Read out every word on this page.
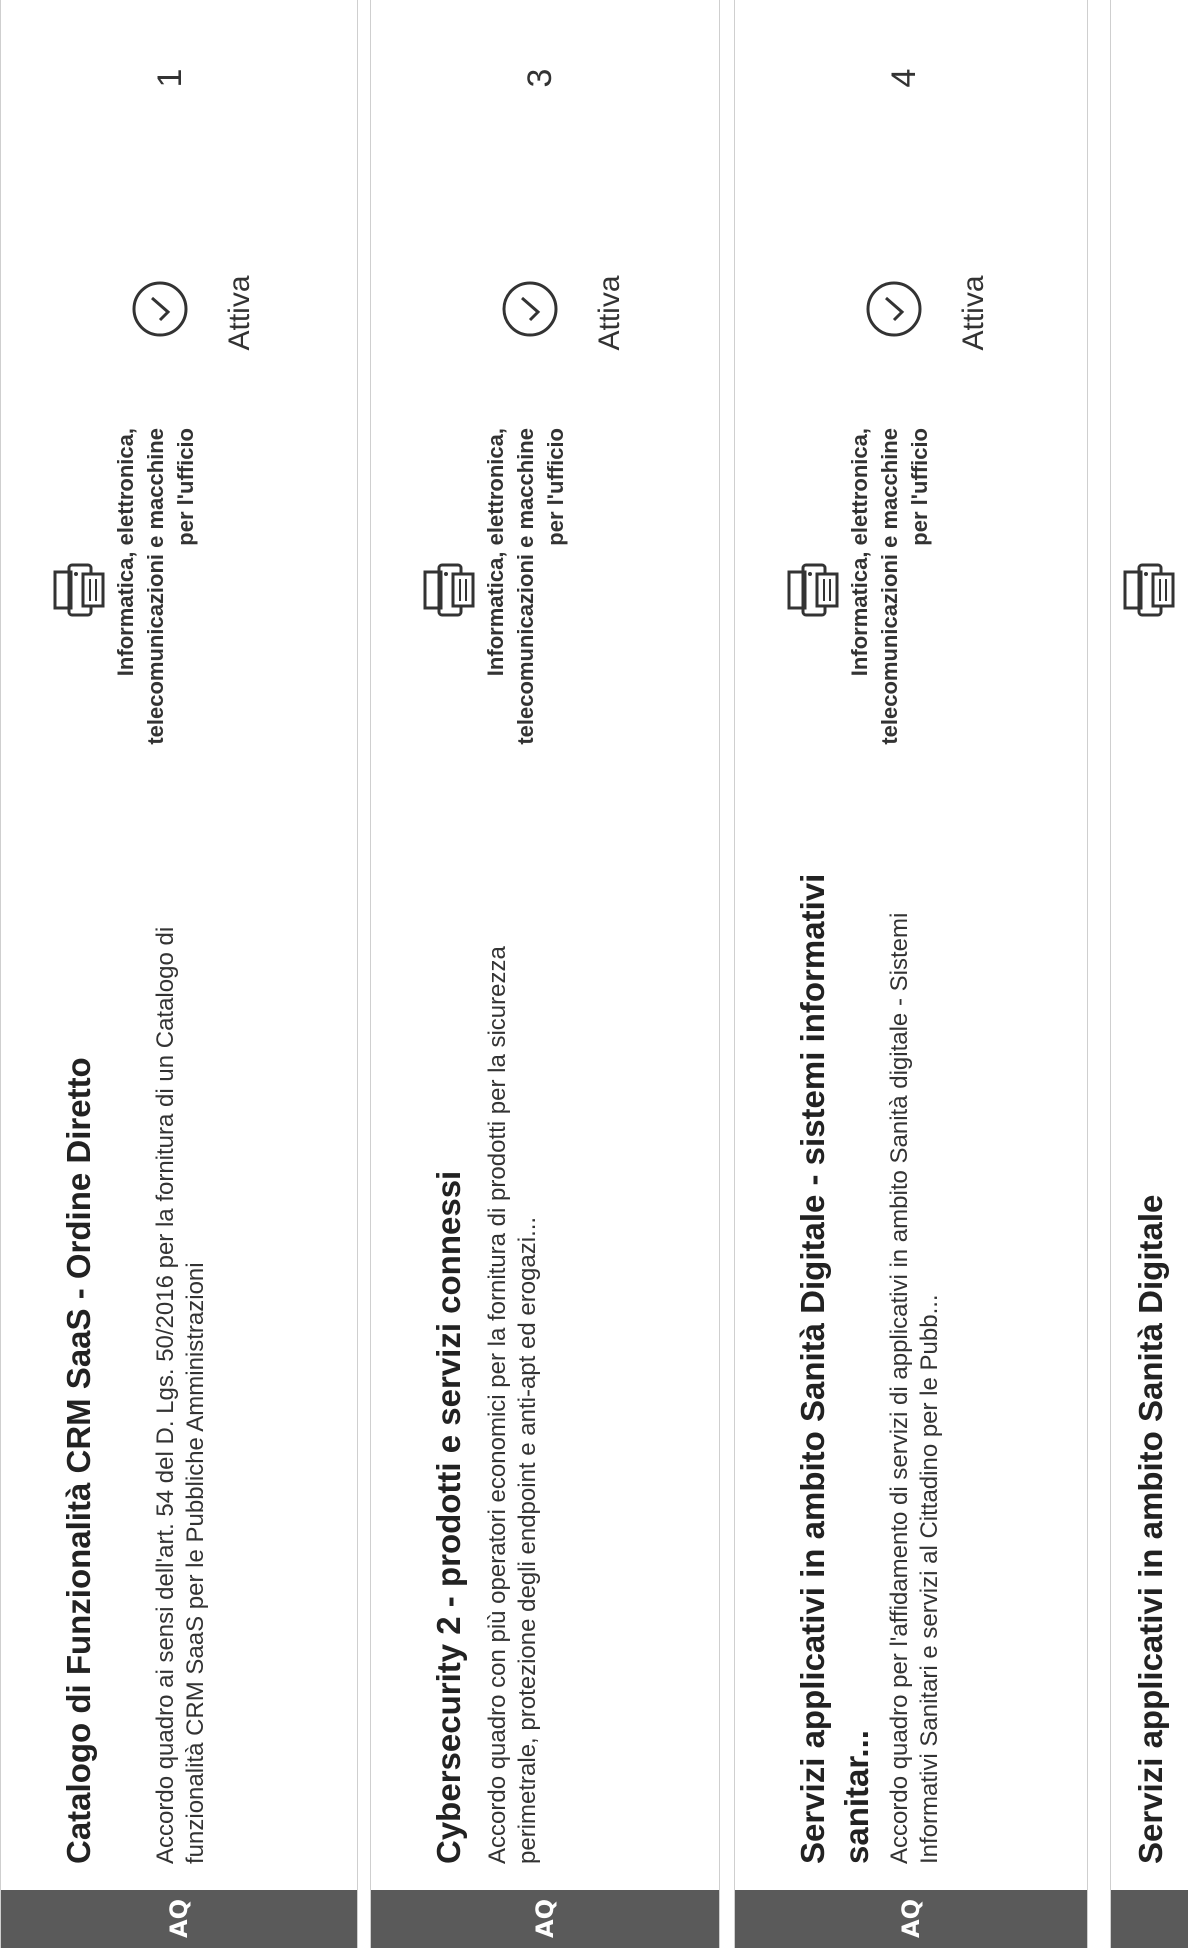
AQ
Catalogo di Funzionalità CRM SaaS - Ordine Diretto Accordo quadro ai sensi dell'art. 54 del D. Lgs. 50/2016 per la fornitura di un Catalogo di funzionalità CRM SaaS per le Pubbliche Amministrazioni
Informatica, elettronica, telecomunicazioni e macchine per l'ufficio
Attiva
1
AQ
Cybersecurity 2 - prodotti e servizi connessi Accordo quadro con più operatori economici per la fornitura di prodotti per la sicurezza perimetrale, protezione degli endpoint e anti-apt ed erogazi...
Informatica, elettronica, telecomunicazioni e macchine per l'ufficio
Attiva
3
AQ
Servizi applicativi in ambito Sanità Digitale - sistemi informativi sanitar... Accordo quadro per l'affidamento di servizi di applicativi in ambito Sanità digitale - Sistemi Informativi Sanitari e servizi al Cittadino per le Pubb...
Informatica, elettronica, telecomunicazioni e macchine per l'ufficio
Attiva
4
Servizi applicativi in ambito Sanità Digitale
